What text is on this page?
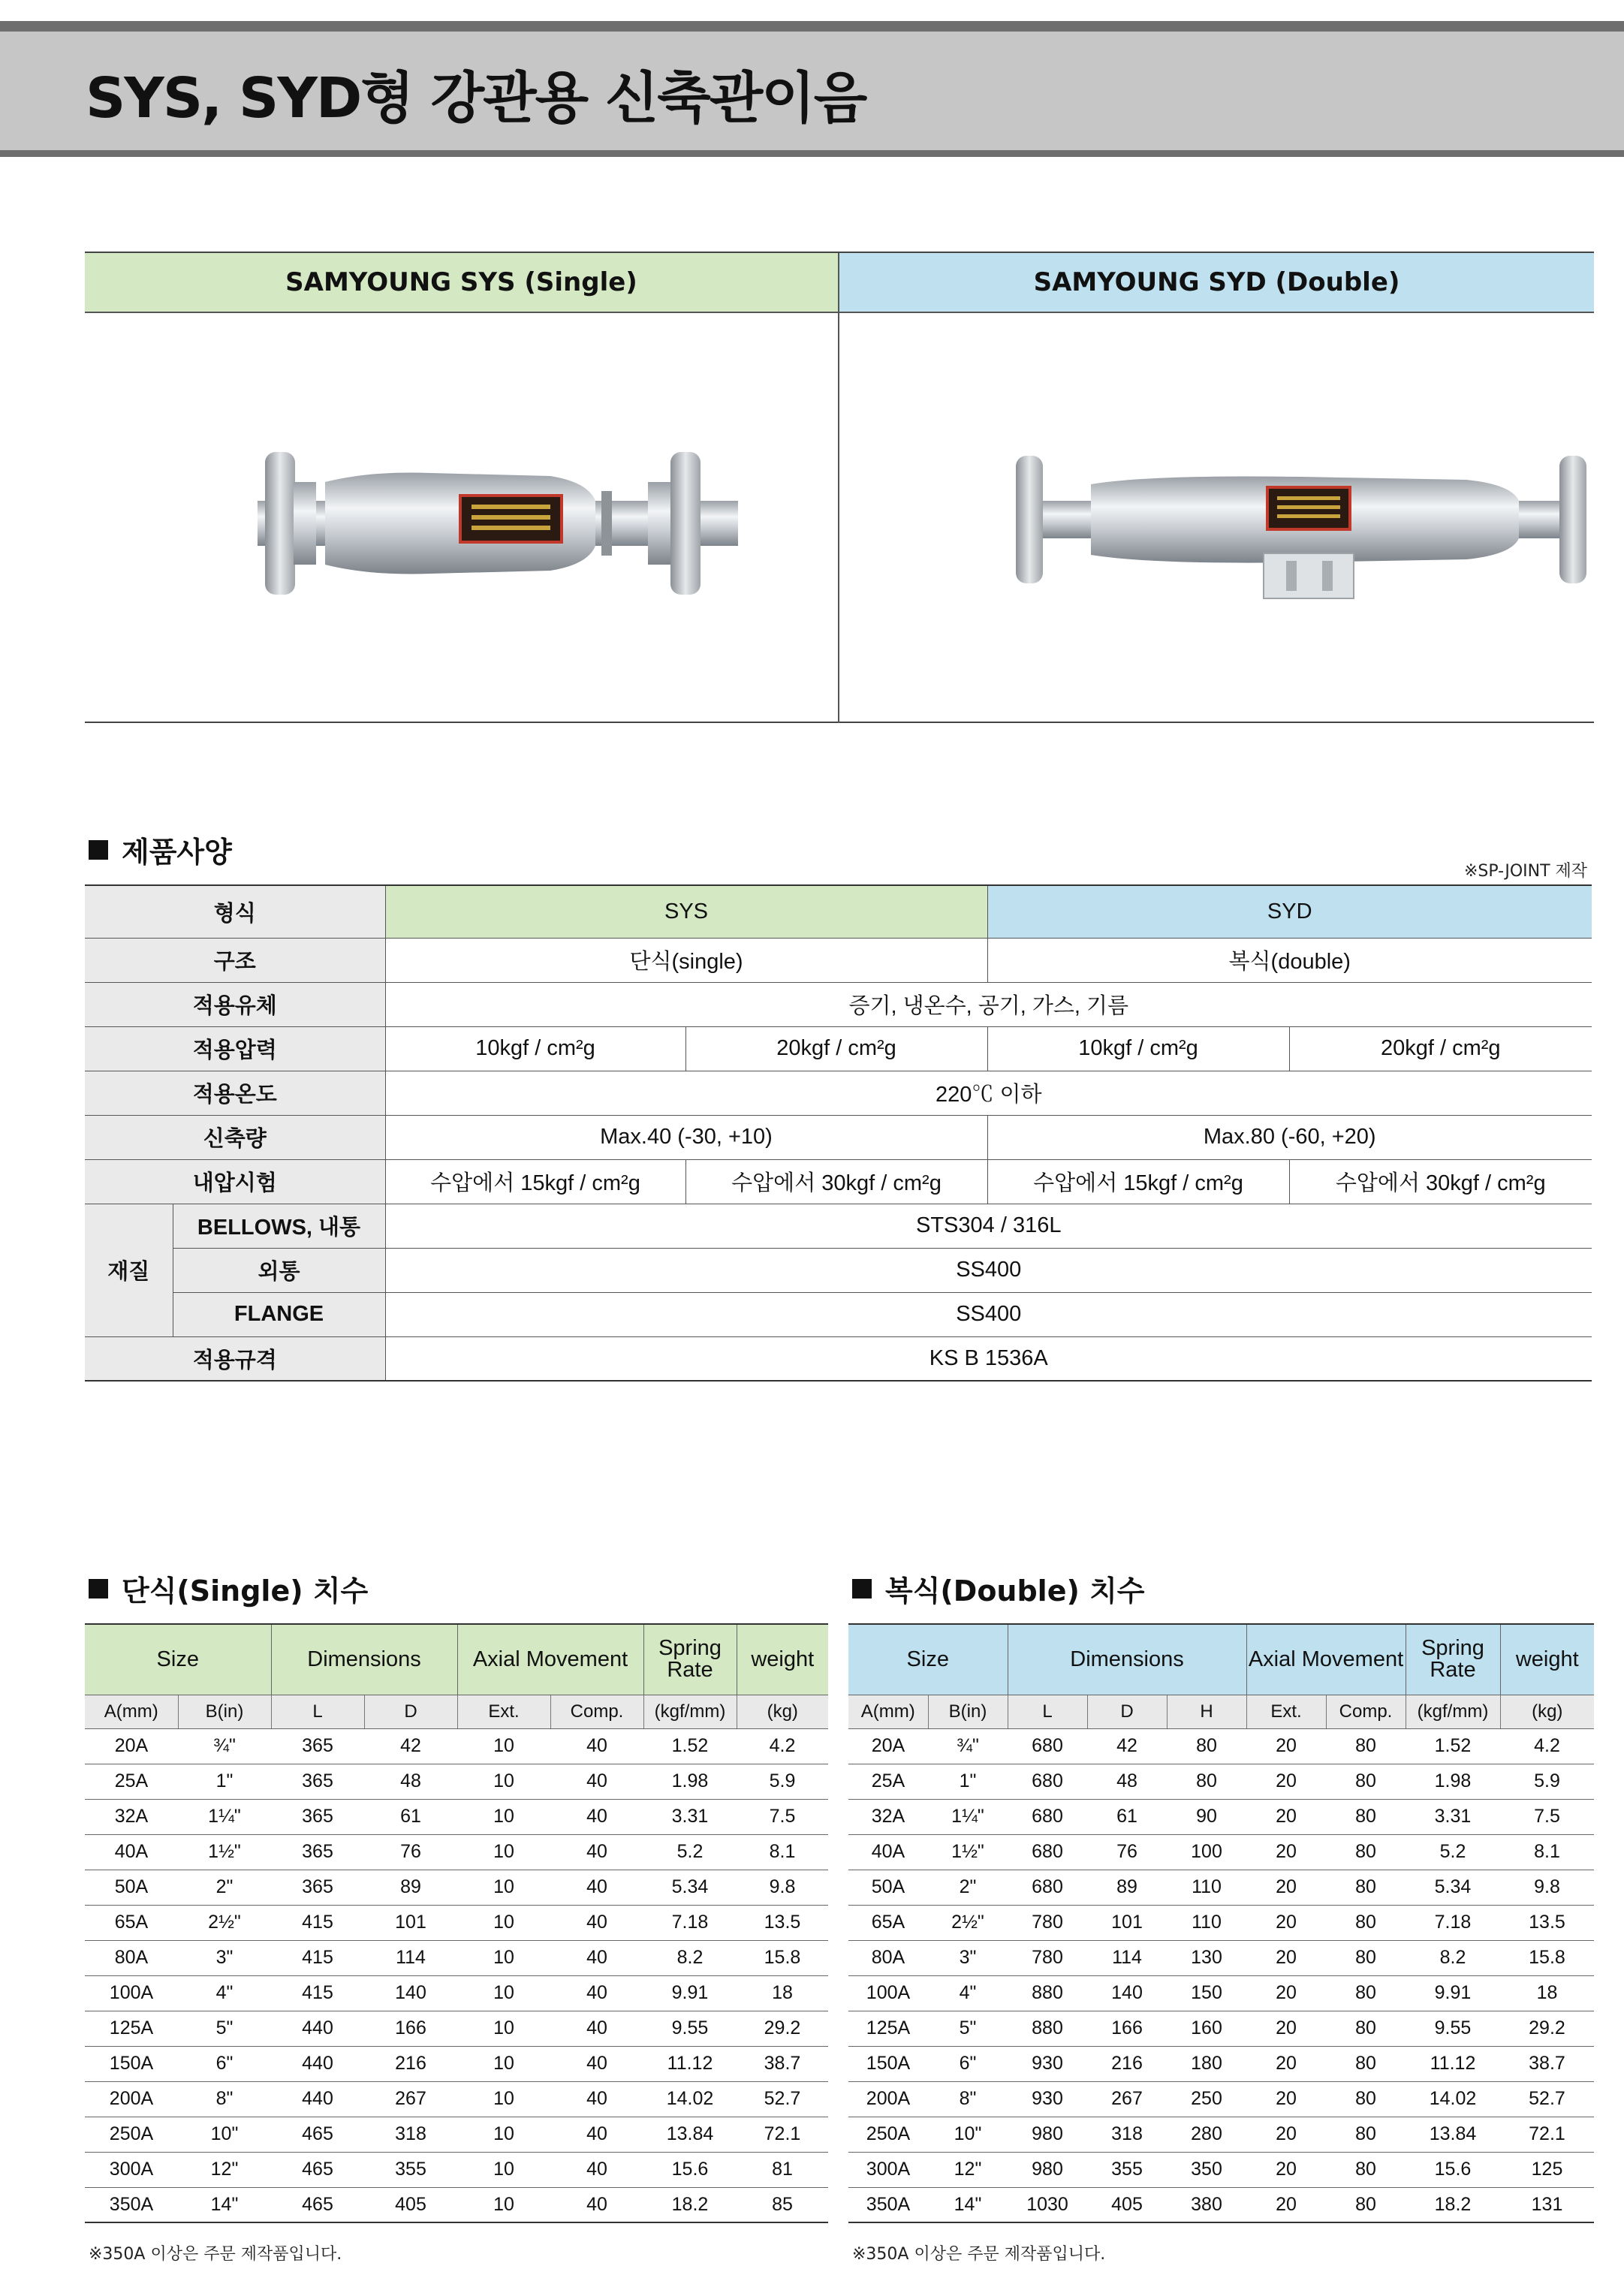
SYS, SYD형 강관용 신축관이음
SAMYOUNG SYS (Single)	SAMYOUNG SYD (Double)
제품사양
※SP-JOINT 제작
형식		SYS		SYD	
구조		단식(single)		복식(double)	
적용유체		증기, 냉온수, 공기, 가스, 기름			
적용압력		10kgf / cm²g	20kgf / cm²g	10kgf / cm²g	20kgf / cm²g
적용온도		220℃ 이하			
신축량		Max.40 (-30, +10)		Max.80 (-60, +20)	
내압시험		수압에서 15kgf / cm²g	수압에서 30kgf / cm²g	수압에서 15kgf / cm²g	수압에서 30kgf / cm²g
재질	BELLOWS, 내통	STS304 / 316L			
	외통	SS400			
	FLANGE	SS400			
적용규격		KS B 1536A			
단식(Single) 치수
Size		Dimensions		Axial Movement		Spring Rate	weight
A(mm)	B(in)	L	D	Ext.	Comp.	(kgf/mm)	(kg)
20A	¾"	365	42	10	40	1.52	4.2
25A	1"	365	48	10	40	1.98	5.9
32A	1¼"	365	61	10	40	3.31	7.5
40A	1½"	365	76	10	40	5.2	8.1
50A	2"	365	89	10	40	5.34	9.8
65A	2½"	415	101	10	40	7.18	13.5
80A	3"	415	114	10	40	8.2	15.8
100A	4"	415	140	10	40	9.91	18
125A	5"	440	166	10	40	9.55	29.2
150A	6"	440	216	10	40	11.12	38.7
200A	8"	440	267	10	40	14.02	52.7
250A	10"	465	318	10	40	13.84	72.1
300A	12"	465	355	10	40	15.6	81
350A	14"	465	405	10	40	18.2	85
※350A 이상은 주문 제작품입니다.
복식(Double) 치수
Size		Dimensions			Axial Movement		Spring Rate	weight
A(mm)	B(in)	L	D	H	Ext.	Comp.	(kgf/mm)	(kg)
20A	¾"	680	42	80	20	80	1.52	4.2
25A	1"	680	48	80	20	80	1.98	5.9
32A	1¼"	680	61	90	20	80	3.31	7.5
40A	1½"	680	76	100	20	80	5.2	8.1
50A	2"	680	89	110	20	80	5.34	9.8
65A	2½"	780	101	110	20	80	7.18	13.5
80A	3"	780	114	130	20	80	8.2	15.8
100A	4"	880	140	150	20	80	9.91	18
125A	5"	880	166	160	20	80	9.55	29.2
150A	6"	930	216	180	20	80	11.12	38.7
200A	8"	930	267	250	20	80	14.02	52.7
250A	10"	980	318	280	20	80	13.84	72.1
300A	12"	980	355	350	20	80	15.6	125
350A	14"	1030	405	380	20	80	18.2	131
※350A 이상은 주문 제작품입니다.
